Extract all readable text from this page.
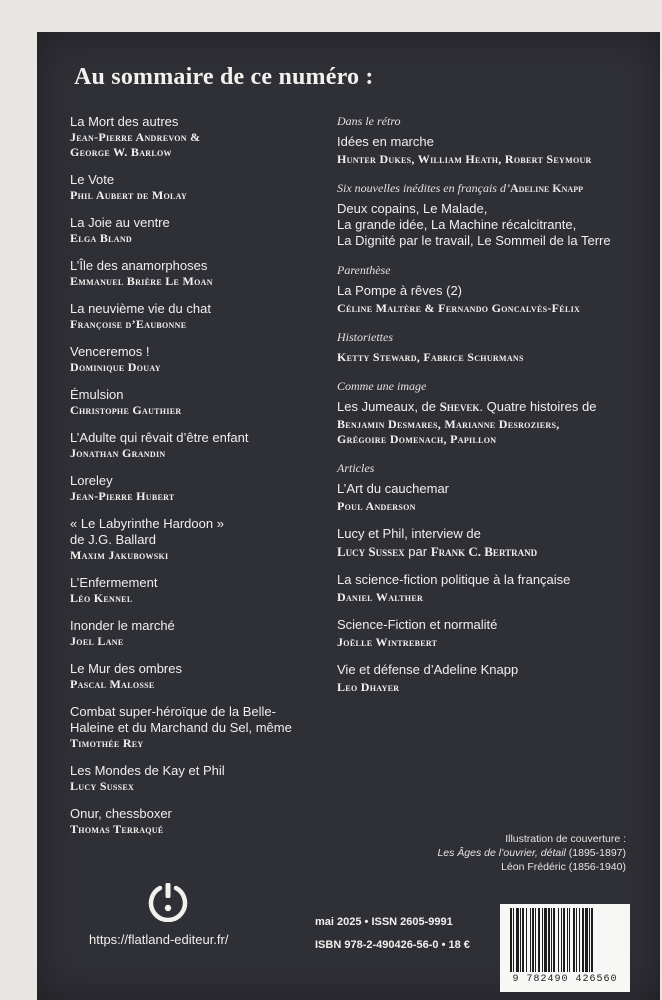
Au sommaire de ce numéro :
La Mort des autres
Jean-Pierre Andrevon &
George W. Barlow
Le Vote
Phil Aubert de Molay
La Joie au ventre
Elga Bland
L’Île des anamorphoses
Emmanuel Brière Le Moan
La neuvième vie du chat
Françoise d’Eaubonne
Venceremos !
Dominique Douay
Émulsion
Christophe Gauthier
L’Adulte qui rêvait d’être enfant
Jonathan Grandin
Loreley
Jean-Pierre Hubert
« Le Labyrinthe Hardoon »
de J.G. Ballard
Maxim Jakubowski
L’Enfermement
Léo Kennel
Inonder le marché
Joel Lane
Le Mur des ombres
Pascal Malosse
Combat super-héroïque de la Belle-
Haleine et du Marchand du Sel, même
Timothée Rey
Les Mondes de Kay et Phil
Lucy Sussex
Onur, chessboxer
Thomas Terraqué
Dans le rétro
Idées en marche
Hunter Dukes, William Heath, Robert Seymour
Six nouvelles inédites en français d’Adeline Knapp
Deux copains, Le Malade,
La grande idée, La Machine récalcitrante,
La Dignité par le travail, Le Sommeil de la Terre
Parenthèse
La Pompe à rêves (2)
Céline Maltère & Fernando Goncalvès-Félix
Historiettes
Ketty Steward, Fabrice Schurmans
Comme une image
Les Jumeaux, de Shevek. Quatre histoires de
Benjamin Desmares, Marianne Desroziers,
Grégoire Domenach, Papillon
Articles
L’Art du cauchemar
Poul Anderson
Lucy et Phil, interview de
Lucy Sussex par Frank C. Bertrand
La science-fiction politique à la française
Daniel Walther
Science-Fiction et normalité
Joëlle Wintrebert
Vie et défense d’Adeline Knapp
Leo Dhayer
Illustration de couverture :
Les Âges de l’ouvrier, détail (1895-1897)
Léon Frédéric (1856-1940)
https://flatland-editeur.fr/
mai 2025 • ISSN 2605-9991
ISBN 978-2-490426-56-0 • 18 €
9 782490 426560
